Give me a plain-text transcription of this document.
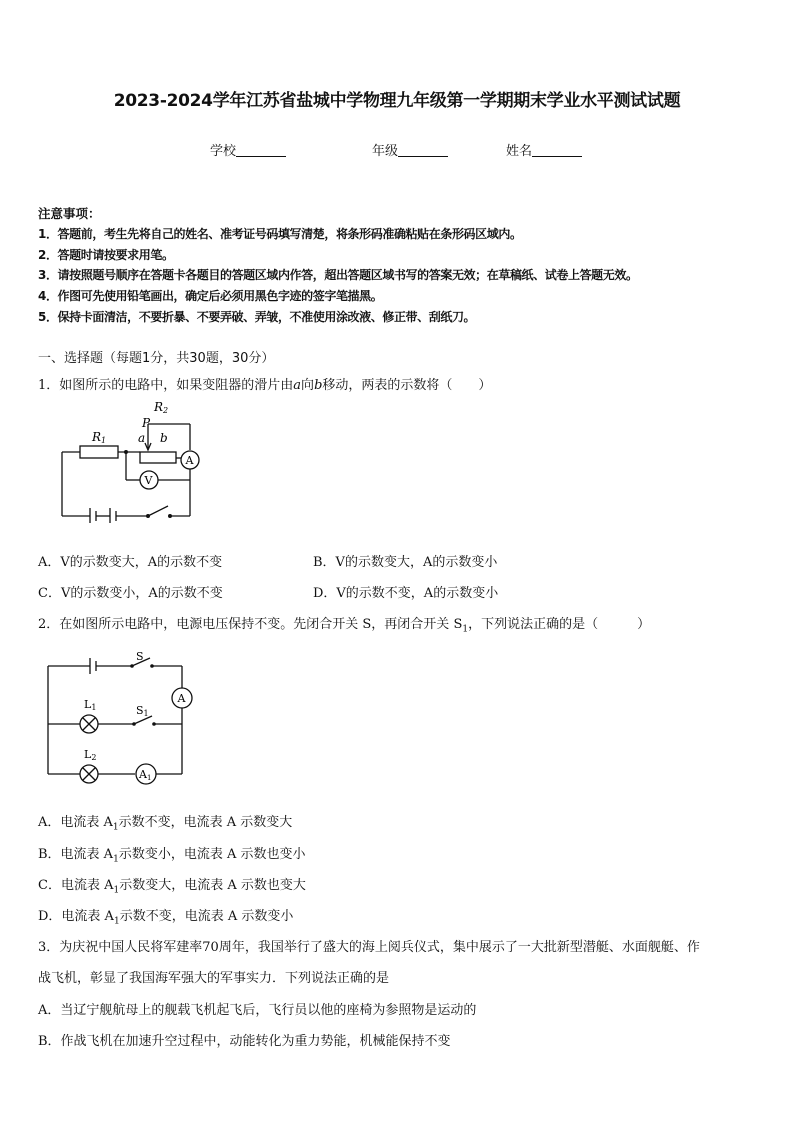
2023-2024学年江苏省盐城中学物理九年级第一学期期末学业水平测试试题
学校	年级	姓名
注意事项：
1．答题前，考生先将自己的姓名、准考证号码填写清楚，将条形码准确粘贴在条形码区域内。
2．答题时请按要求用笔。
3．请按照题号顺序在答题卡各题目的答题区域内作答，超出答题区域书写的答案无效；在草稿纸、试卷上答题无效。
4．作图可先使用铅笔画出，确定后必须用黑色字迹的签字笔描黑。
5．保持卡面清洁，不要折暴、不要弄破、弄皱，不准使用涂改液、修正带、刮纸刀。
一、选择题（每题1分，共30题，30分）
1．如图所示的电路中，如果变阻器的滑片由a向b移动，两表的示数将（　　）
R1
R2
P
a b
A
V
A．V的示数变大，A的示数不变	B．V的示数变大，A的示数变小
C．V的示数变小，A的示数不变	D．V的示数不变，A的示数变小
2．在如图所示电路中，电源电压保持不变。先闭合开关 S，再闭合开关 $S_1$，下列说法正确的是（　　　）
S
S1
L1
L2
A
A1
A．电流表 $A_1$示数不变，电流表 A 示数变大
B．电流表 $A_1$示数变小，电流表 A 示数也变小
C．电流表 $A_1$示数变大，电流表 A 示数也变大
D．电流表 $A_1$示数不变，电流表 A 示数变小
3．为庆祝中国人民将军建率70周年，我国举行了盛大的海上阅兵仪式，集中展示了一大批新型潜艇、水面舰艇、作
战飞机，彰显了我国海军强大的军事实力．下列说法正确的是
A．当辽宁舰航母上的舰载飞机起飞后，飞行员以他的座椅为参照物是运动的
B．作战飞机在加速升空过程中，动能转化为重力势能，机械能保持不变
